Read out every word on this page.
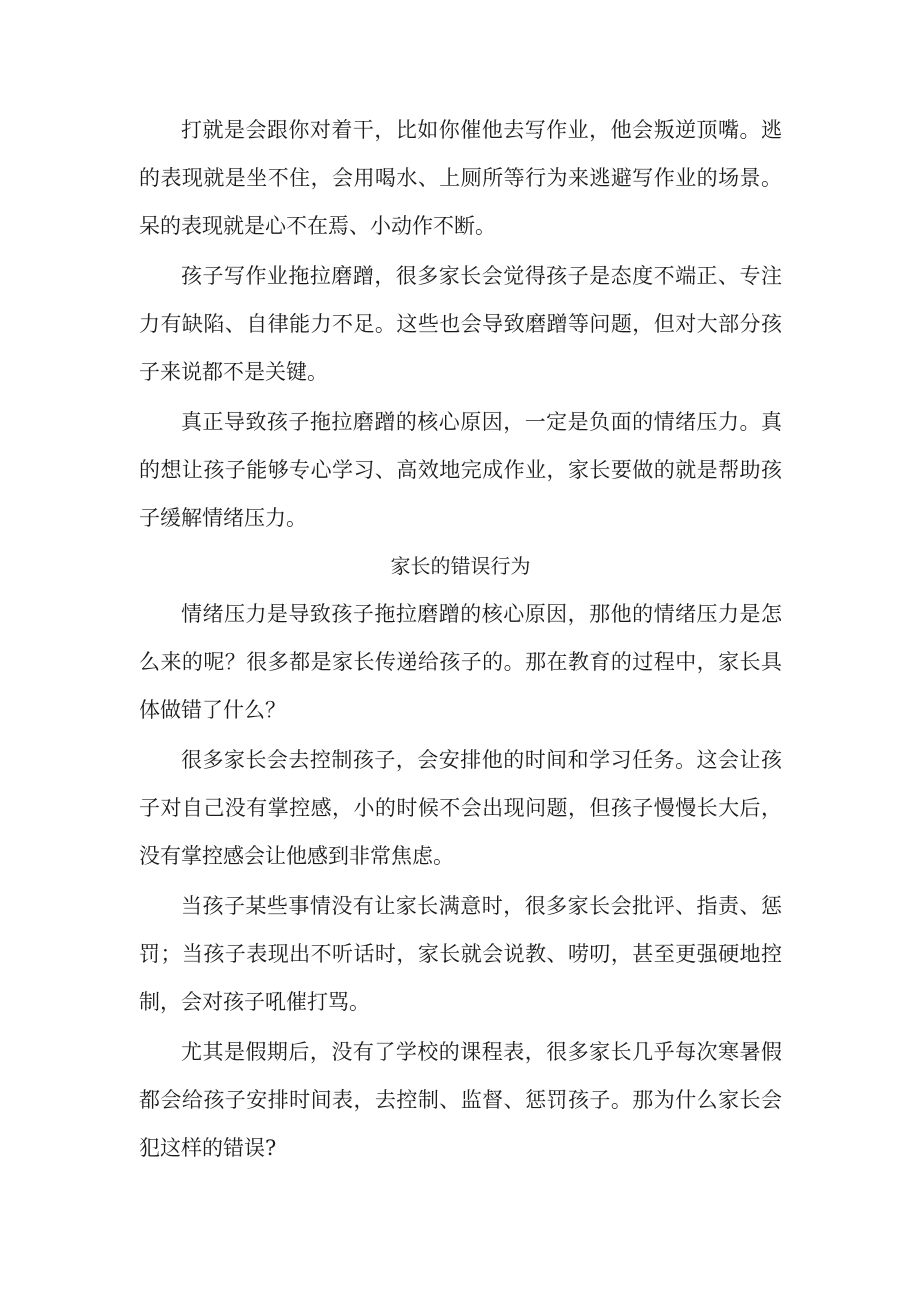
打就是会跟你对着干，比如你催他去写作业，他会叛逆顶嘴。逃的表现就是坐不住，会用喝水、上厕所等行为来逃避写作业的场景。呆的表现就是心不在焉、小动作不断。

孩子写作业拖拉磨蹭，很多家长会觉得孩子是态度不端正、专注力有缺陷、自律能力不足。这些也会导致磨蹭等问题，但对大部分孩子来说都不是关键。

真正导致孩子拖拉磨蹭的核心原因，一定是负面的情绪压力。真的想让孩子能够专心学习、高效地完成作业，家长要做的就是帮助孩子缓解情绪压力。

家长的错误行为

情绪压力是导致孩子拖拉磨蹭的核心原因，那他的情绪压力是怎么来的呢？很多都是家长传递给孩子的。那在教育的过程中，家长具体做错了什么？

很多家长会去控制孩子，会安排他的时间和学习任务。这会让孩子对自己没有掌控感，小的时候不会出现问题，但孩子慢慢长大后，没有掌控感会让他感到非常焦虑。

当孩子某些事情没有让家长满意时，很多家长会批评、指责、惩罚；当孩子表现出不听话时，家长就会说教、唠叨，甚至更强硬地控制，会对孩子吼催打骂。

尤其是假期后，没有了学校的课程表，很多家长几乎每次寒暑假都会给孩子安排时间表，去控制、监督、惩罚孩子。那为什么家长会犯这样的错误?
